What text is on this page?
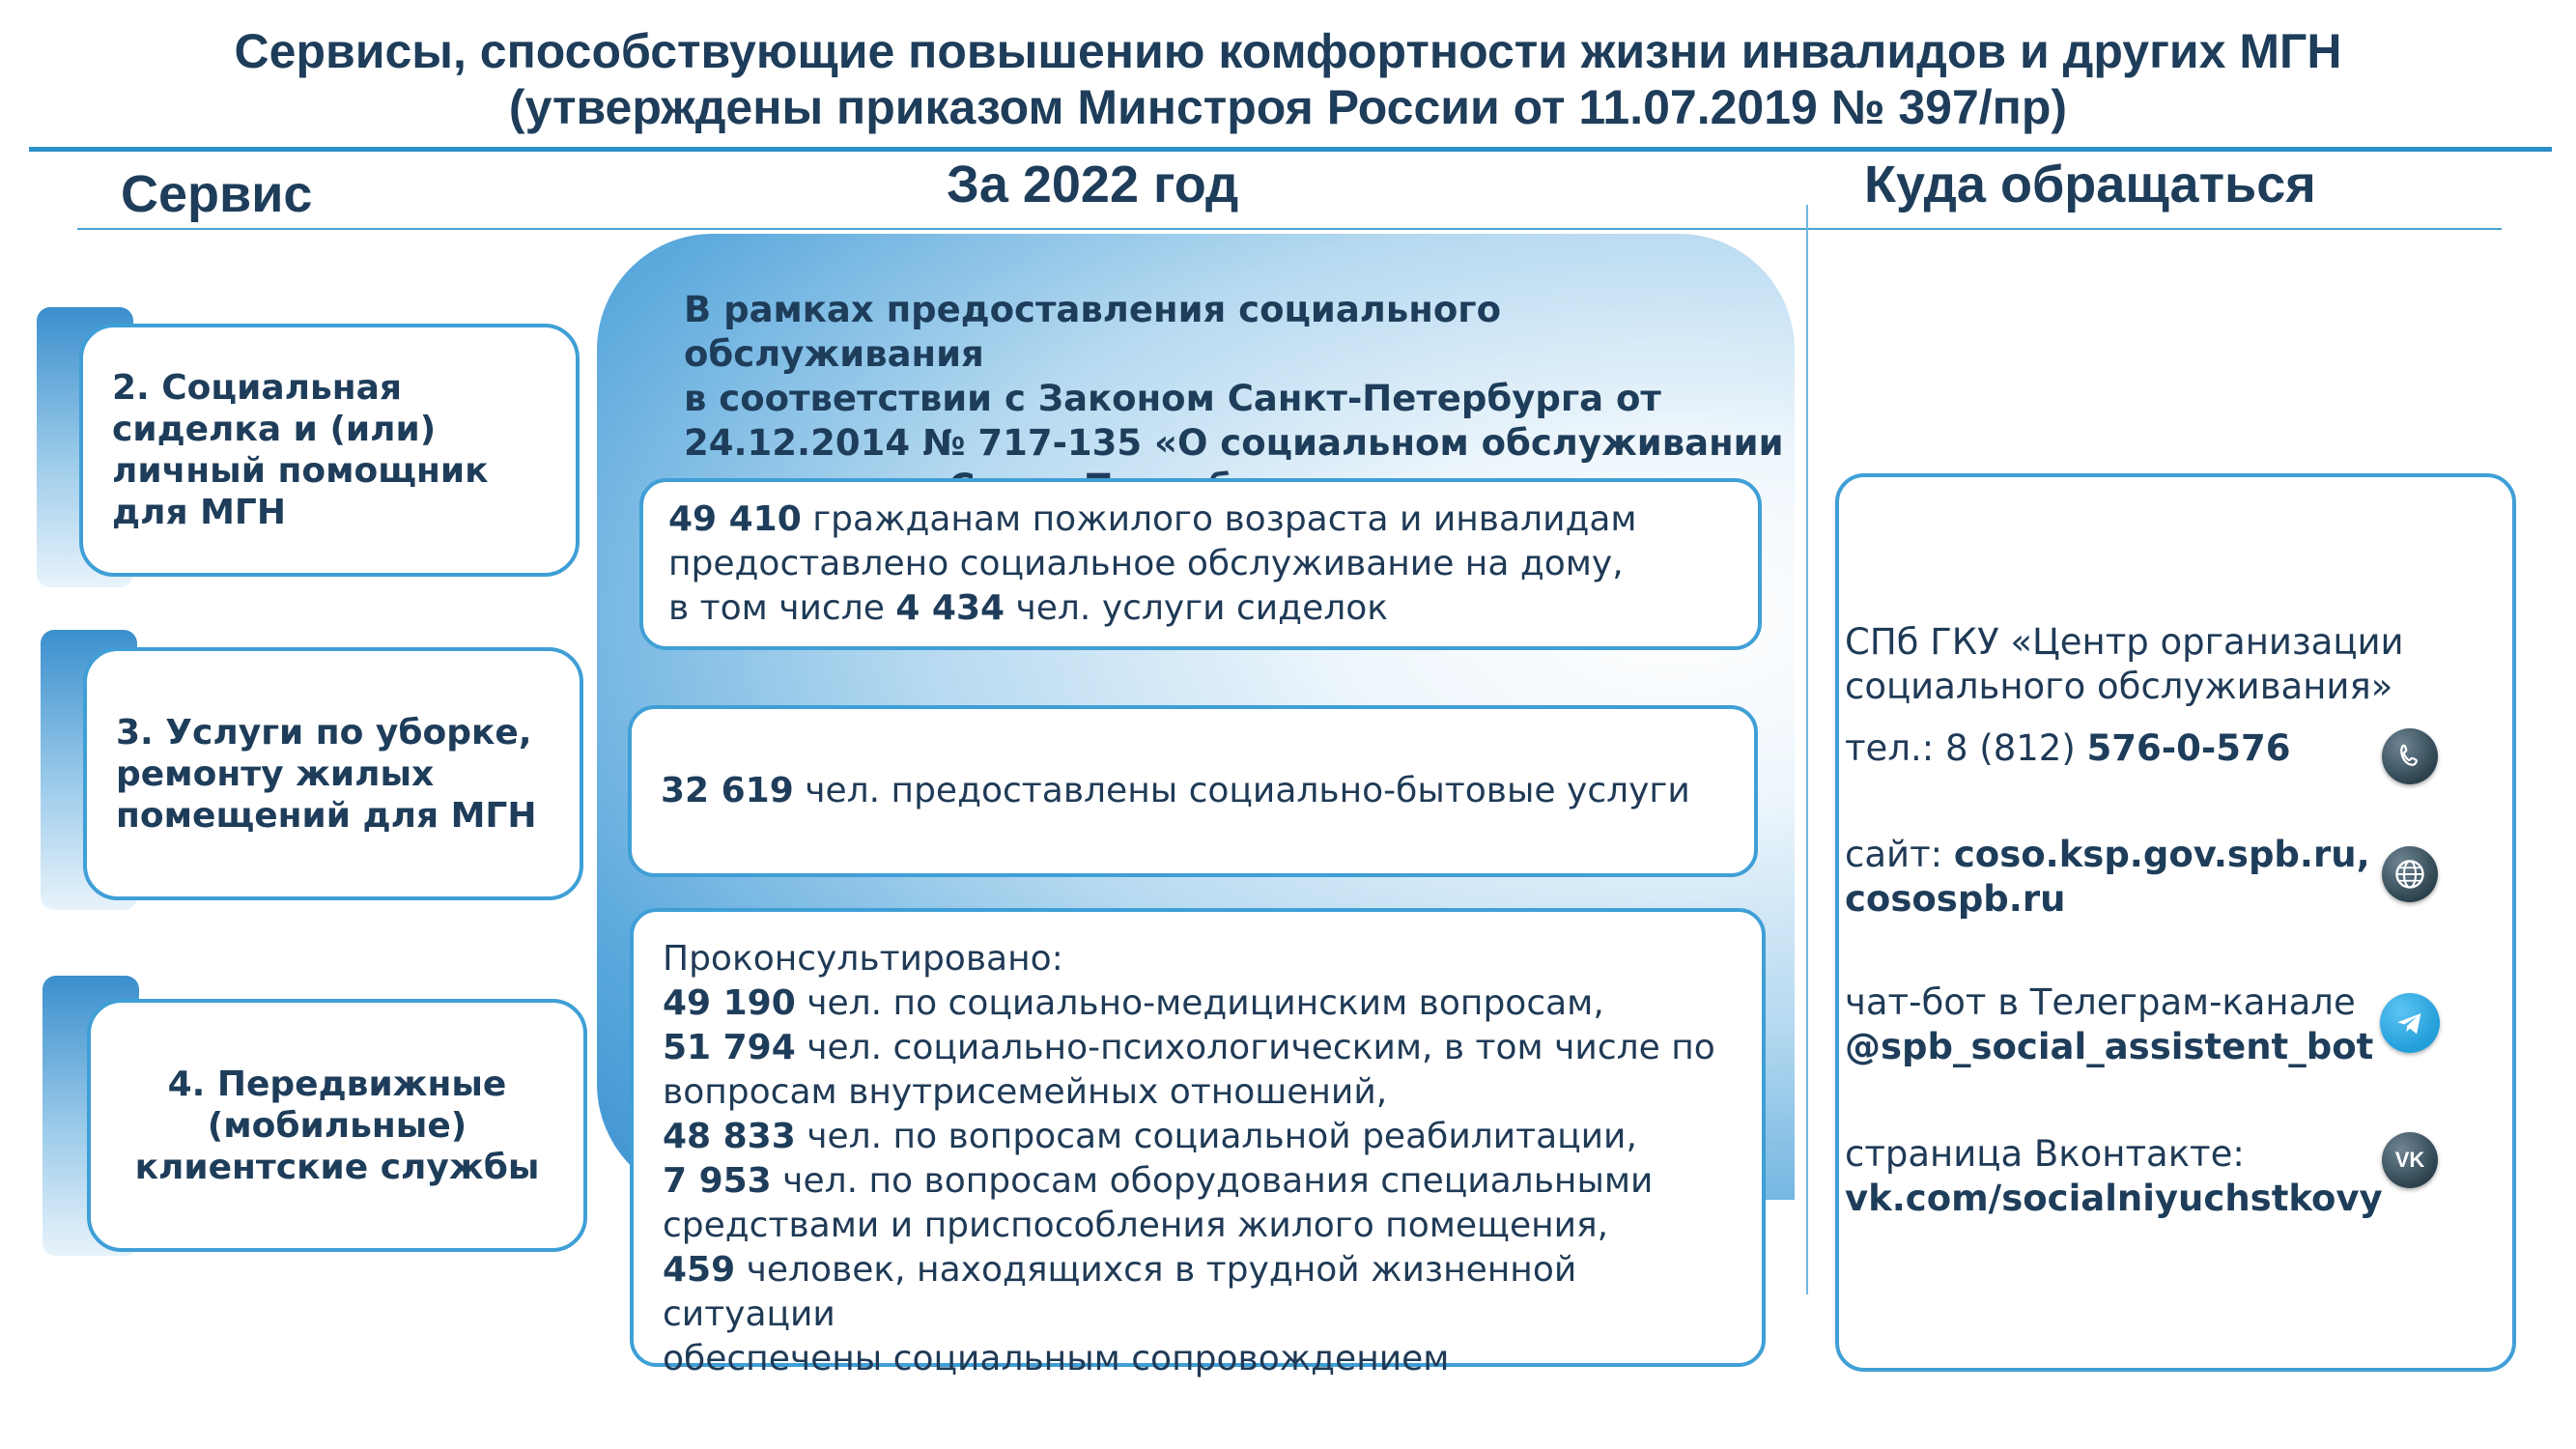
Сервисы, способствующие повышению комфортности жизни инвалидов и других МГН
(утверждены приказом Минстроя России от 11.07.2019 № 397/пр)
Сервис	За 2022 год	Куда обращаться
2. Социальная
сиделка и (или)
личный помощник
для МГН
3. Услуги по уборке,
ремонту жилых
помещений для МГН
4. Передвижные
(мобильные)
клиентские службы
В рамках предоставления социального обслуживания
в соответствии с Законом Санкт-Петербурга от
24.12.2014 № 717-135 «О социальном обслуживании

49 410 гражданам пожилого возраста и инвалидам
предоставлено социальное обслуживание на дому,
в том числе 4 434 чел. услуги сиделок
32 619 чел. предоставлены социально-бытовые услуги
Проконсультировано:
49 190 чел. по социально-медицинским вопросам,
51 794 чел. социально-психологическим, в том числе по
вопросам внутрисемейных отношений,
48 833 чел. по вопросам социальной реабилитации,
7 953 чел. по вопросам оборудования специальными
средствами и приспособления жилого помещения,
459 человек, находящихся в трудной жизненной ситуации
обеспечены социальным сопровождением
СПб ГКУ «Центр организации
социального обслуживания»
тел.: 8 (812) 576-0-576
сайт: coso.ksp.gov.spb.ru,
cosospb.ru
чат-бот в Телеграм-канале
@spb_social_assistent_bot
страница Вконтакте:
vk.com/socialniyuchstkovy
VK
